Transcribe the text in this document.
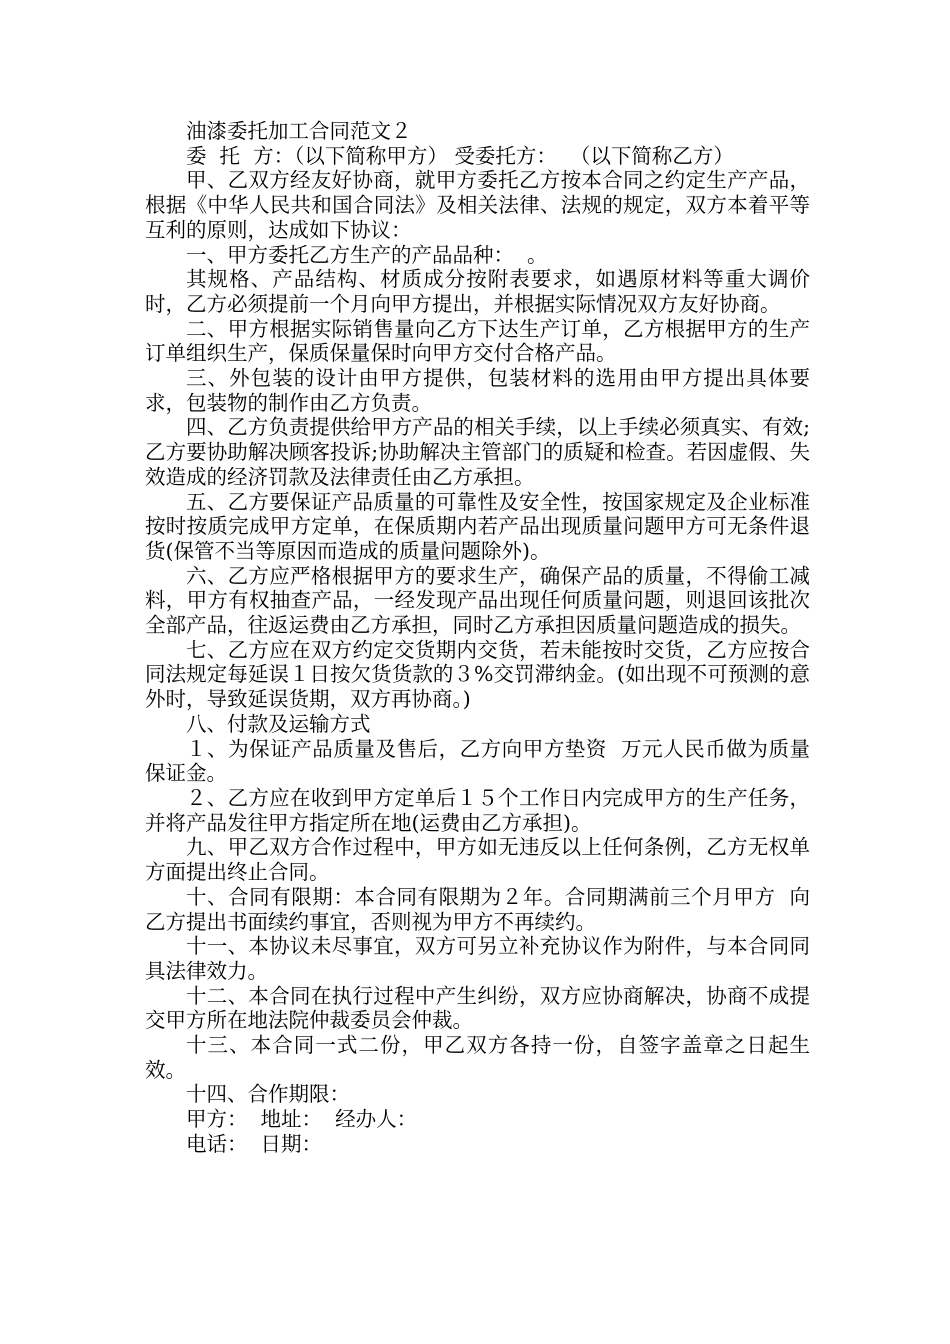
油漆委托加工合同范文２

委  托  方：（以下简称甲方） 受委托方：  （以下简称乙方）

甲、乙双方经友好协商，就甲方委托乙方按本合同之约定生产产品，根据《中华人民共和国合同法》及相关法律、法规的规定，双方本着平等互利的原则，达成如下协议：

一、甲方委托乙方生产的产品品种：  。

其规格、产品结构、材质成分按附表要求，如遇原材料等重大调价时，乙方必须提前一个月向甲方提出，并根据实际情况双方友好协商。

二、甲方根据实际销售量向乙方下达生产订单，乙方根据甲方的生产订单组织生产，保质保量保时向甲方交付合格产品。

三、外包装的设计由甲方提供，包装材料的选用由甲方提出具体要求，包装物的制作由乙方负责。

四、乙方负责提供给甲方产品的相关手续，以上手续必须真实、有效;乙方要协助解决顾客投诉;协助解决主管部门的质疑和检查。若因虚假、失效造成的经济罚款及法律责任由乙方承担。

五、乙方要保证产品质量的可靠性及安全性，按国家规定及企业标准按时按质完成甲方定单，在保质期内若产品出现质量问题甲方可无条件退货(保管不当等原因而造成的质量问题除外)。

六、乙方应严格根据甲方的要求生产，确保产品的质量，不得偷工减料，甲方有权抽查产品，一经发现产品出现任何质量问题，则退回该批次全部产品，往返运费由乙方承担，同时乙方承担因质量问题造成的损失。

七、乙方应在双方约定交货期内交货，若未能按时交货，乙方应按合同法规定每延误１日按欠货货款的３%交罚滞纳金。(如出现不可预测的意外时，导致延误货期，双方再协商。)

八、付款及运输方式

１、为保证产品质量及售后，乙方向甲方垫资  万元人民币做为质量保证金。

２、乙方应在收到甲方定单后１５个工作日内完成甲方的生产任务，并将产品发往甲方指定所在地(运费由乙方承担)。

九、甲乙双方合作过程中，甲方如无违反以上任何条例，乙方无权单方面提出终止合同。

十、合同有限期：本合同有限期为２年。合同期满前三个月甲方  向乙方提出书面续约事宜，否则视为甲方不再续约。

十一、本协议未尽事宜，双方可另立补充协议作为附件，与本合同同具法律效力。

十二、本合同在执行过程中产生纠纷，双方应协商解决，协商不成提交甲方所在地法院仲裁委员会仲裁。

十三、本合同一式二份，甲乙双方各持一份，自签字盖章之日起生效。

十四、合作期限：

甲方：  地址：  经办人：

电话：  日期：
